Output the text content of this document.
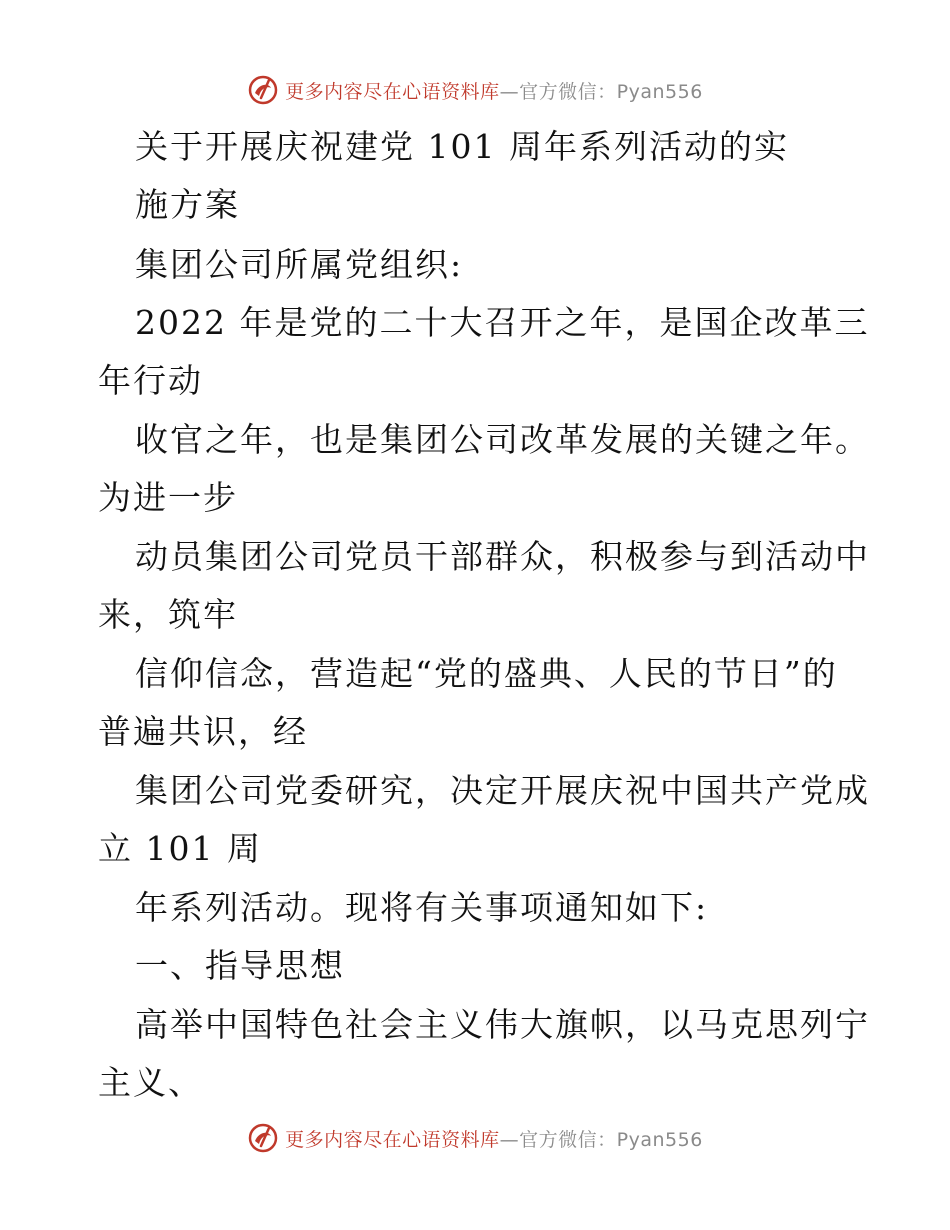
更多内容尽在心语资料库—官方微信：Pyan556
关于开展庆祝建党 101 周年系列活动的实
施方案
集团公司所属党组织:
2022 年是党的二十大召开之年，是国企改革三
年行动
收官之年，也是集团公司改革发展的关键之年。
为进一步
动员集团公司党员干部群众，积极参与到活动中
来，筑牢
信仰信念，营造起“党的盛典、人民的节日”的
普遍共识，经
集团公司党委研究，决定开展庆祝中国共产党成
立 101 周
年系列活动。现将有关事项通知如下:
一、指导思想
高举中国特色社会主义伟大旗帜，以马克思列宁
主义、
更多内容尽在心语资料库—官方微信：Pyan556
